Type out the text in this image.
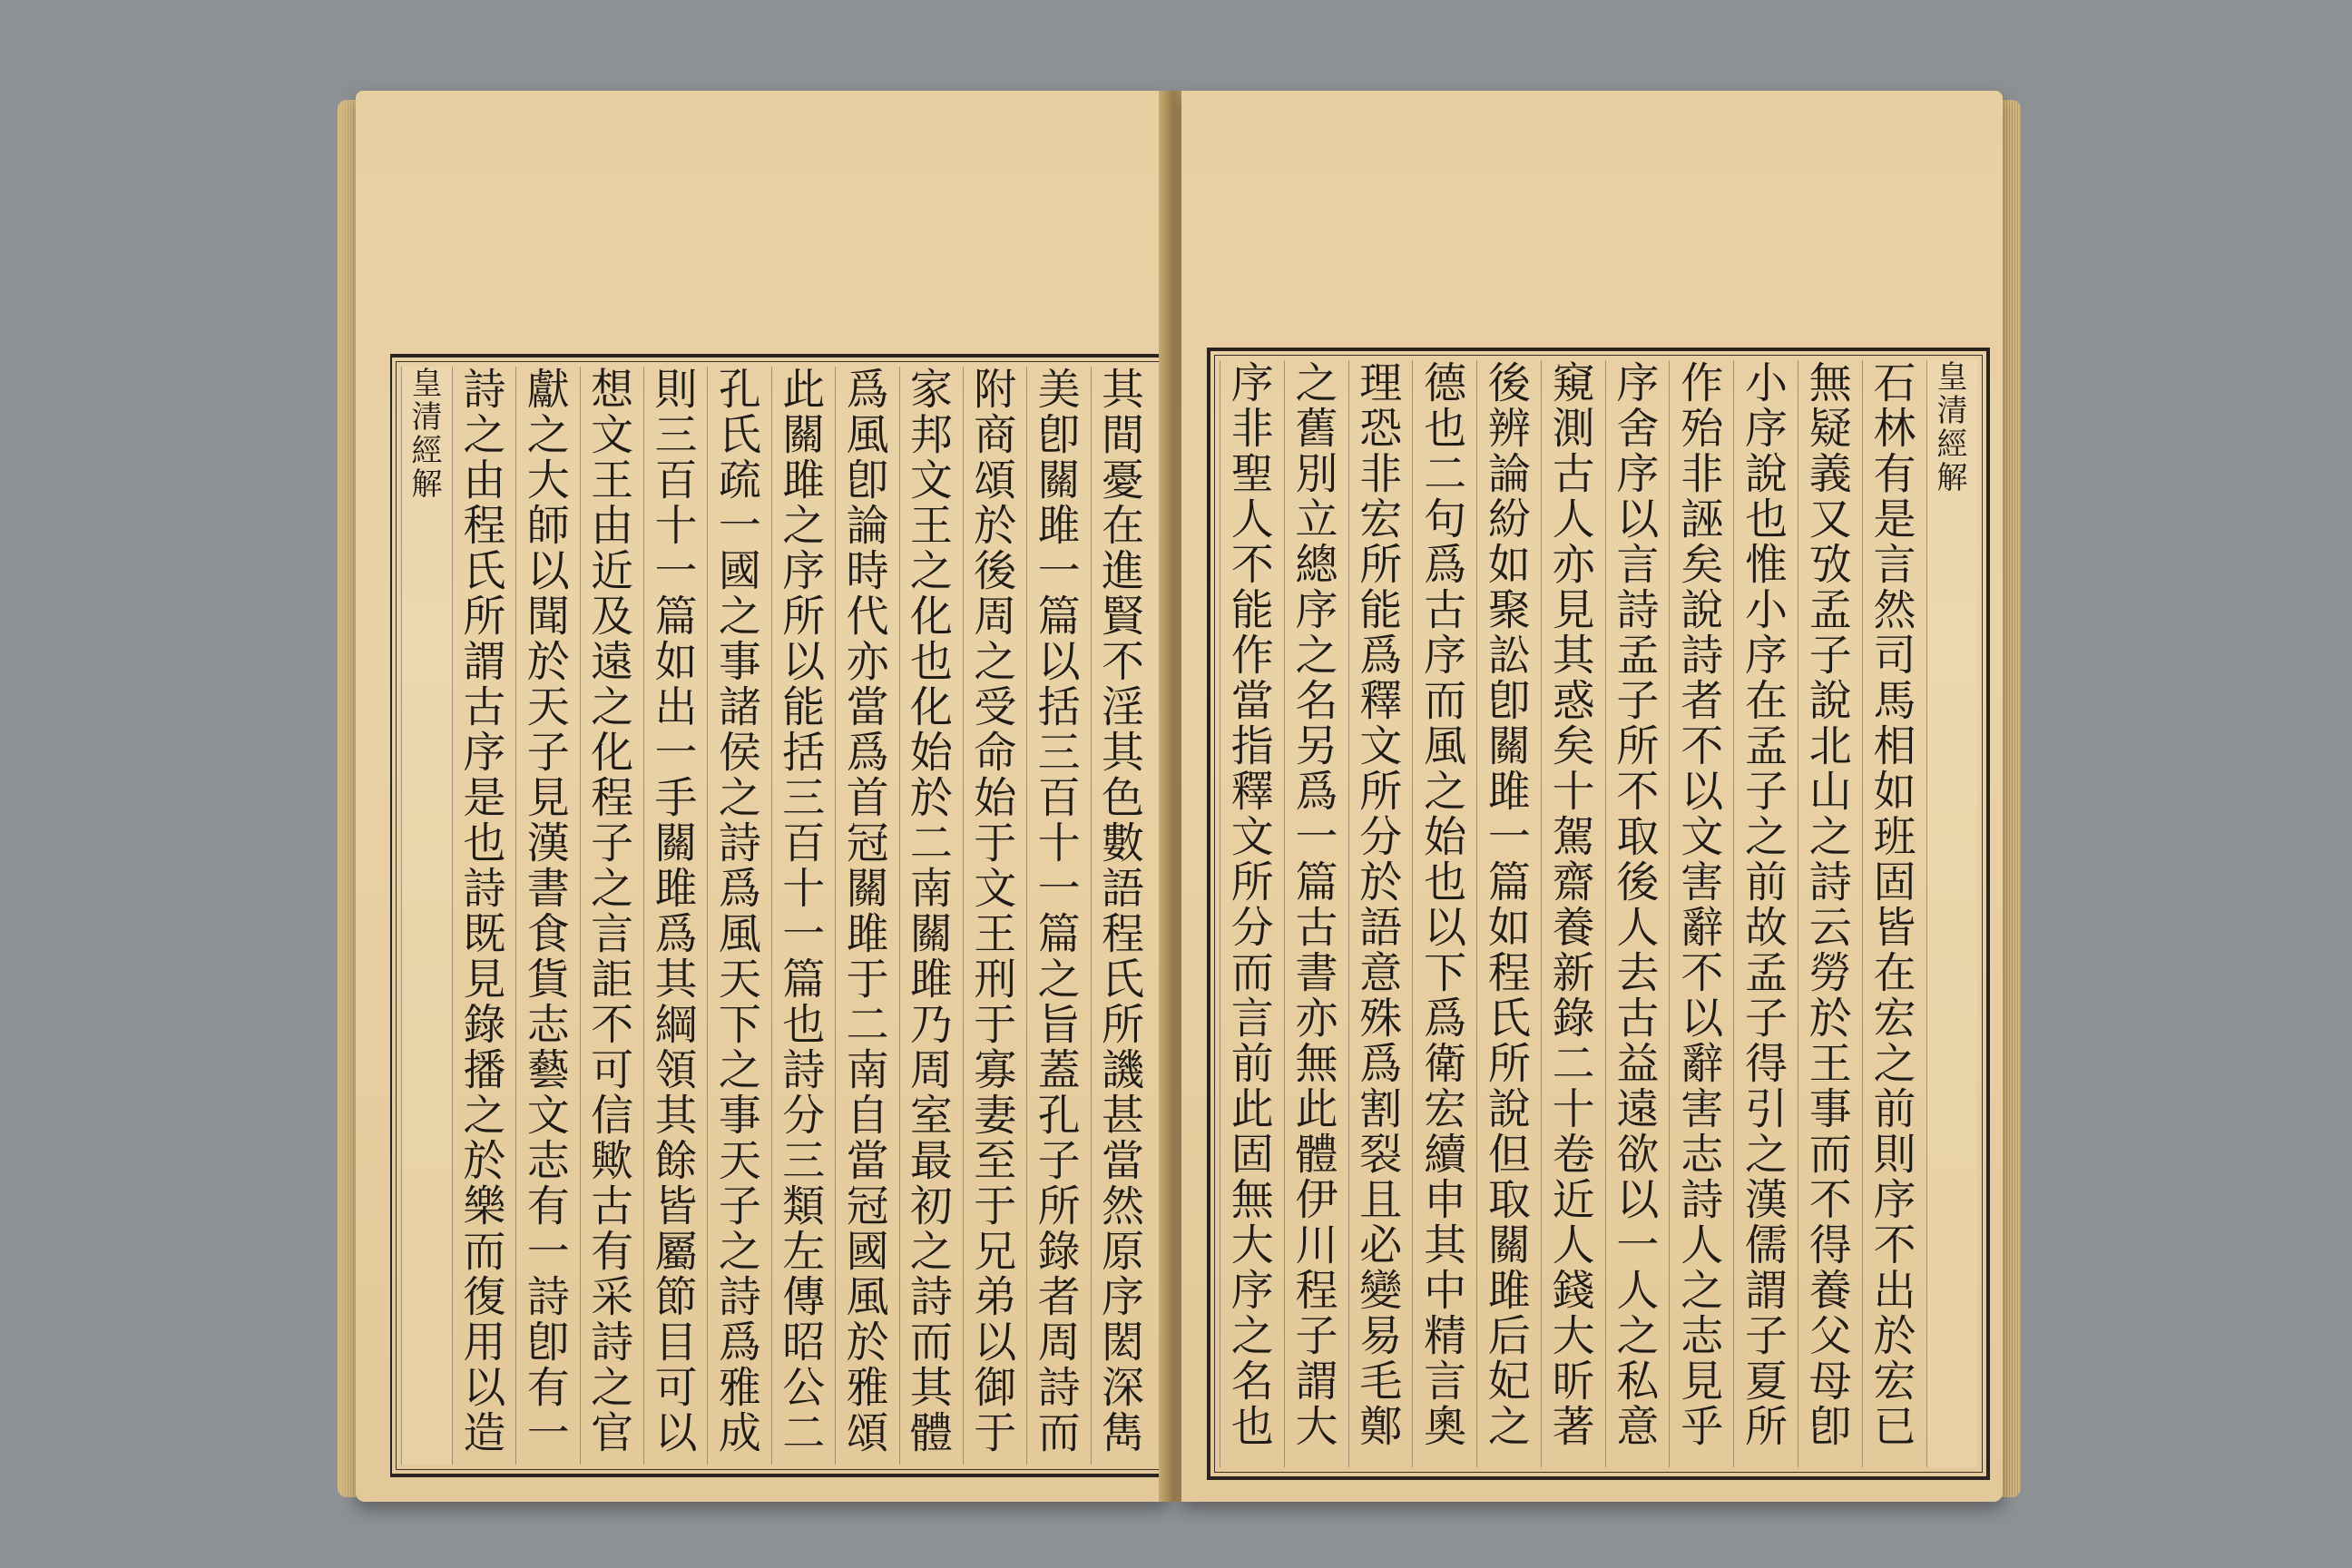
其間憂在進賢不淫其色數語程氏所譏甚當然原序閎深雋
美卽關雎一篇以括三百十一篇之旨蓋孔子所錄者周詩而
附商頌於後周之受命始于文王刑于寡妻至于兄弟以御于
家邦文王之化也化始於二南關雎乃周室最初之詩而其體
爲風卽論時代亦當爲首冠關雎于二南自當冠國風於雅頌
此關雎之序所以能括三百十一篇也詩分三類左傳昭公二
孔氏疏一國之事諸侯之詩爲風天下之事天子之詩爲雅成
則三百十一篇如出一手關雎爲其綱領其餘皆屬節目可以
想文王由近及遠之化程子之言詎不可信歟古有采詩之官
獻之大師以聞於天子見漢書食貨志藝文志有一詩卽有一
詩之由程氏所謂古序是也詩既見錄播之於樂而復用以造
皇清經解	皇清經解
石林有是言然司馬相如班固皆在宏之前則序不出於宏已
無疑義又攷孟子說北山之詩云勞於王事而不得養父母卽
小序說也惟小序在孟子之前故孟子得引之漢儒謂子夏所
作殆非誣矣說詩者不以文害辭不以辭害志詩人之志見乎
序舍序以言詩孟子所不取後人去古益遠欲以一人之私意
窺測古人亦見其惑矣十駕齋養新錄二十卷近人錢大昕著
後辨論紛如聚訟卽關雎一篇如程氏所說但取關雎后妃之
德也二句爲古序而風之始也以下爲衛宏續申其中精言奧
理恐非宏所能爲釋文所分於語意殊爲割裂且必變易毛鄭
之舊別立總序之名另爲一篇古書亦無此體伊川程子謂大
序非聖人不能作當指釋文所分而言前此固無大序之名也
